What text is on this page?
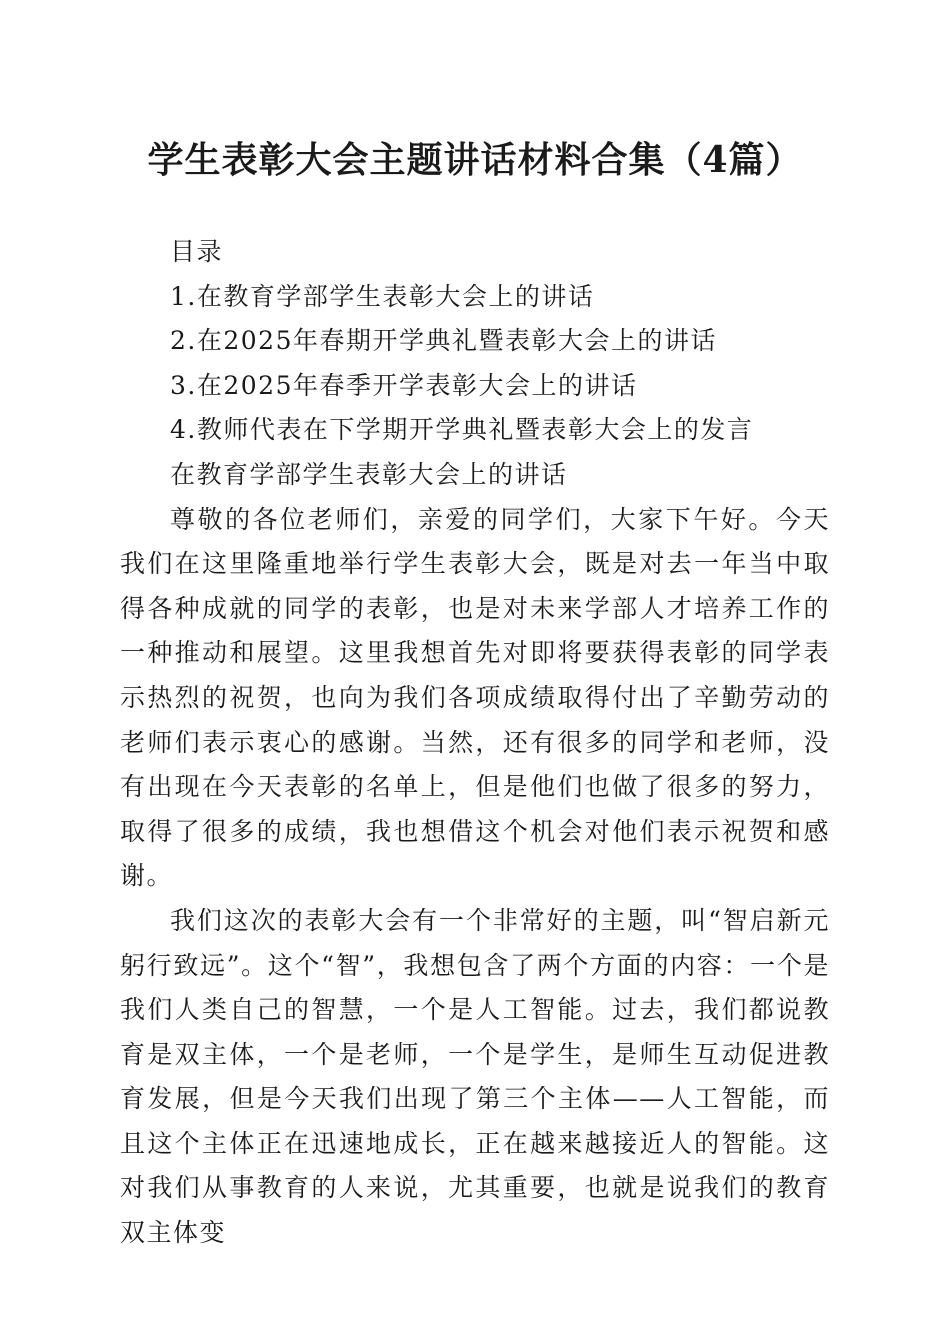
学生表彰大会主题讲话材料合集（4篇）

目录

1.在教育学部学生表彰大会上的讲话

2.在2025年春期开学典礼暨表彰大会上的讲话

3.在2025年春季开学表彰大会上的讲话

4.教师代表在下学期开学典礼暨表彰大会上的发言

在教育学部学生表彰大会上的讲话

尊敬的各位老师们，亲爱的同学们，大家下午好。今天我们在这里隆重地举行学生表彰大会，既是对去一年当中取得各种成就的同学的表彰，也是对未来学部人才培养工作的一种推动和展望。这里我想首先对即将要获得表彰的同学表示热烈的祝贺，也向为我们各项成绩取得付出了辛勤劳动的老师们表示衷心的感谢。当然，还有很多的同学和老师，没有出现在今天表彰的名单上，但是他们也做了很多的努力，取得了很多的成绩，我也想借这个机会对他们表示祝贺和感谢。

我们这次的表彰大会有一个非常好的主题，叫“智启新元 躬行致远”。这个“智”，我想包含了两个方面的内容：一个是我们人类自己的智慧，一个是人工智能。过去，我们都说教育是双主体，一个是老师，一个是学生，是师生互动促进教育发展，但是今天我们出现了第三个主体——人工智能，而且这个主体正在迅速地成长，正在越来越接近人的智能。这对我们从事教育的人来说，尤其重要，也就是说我们的教育双主体变
